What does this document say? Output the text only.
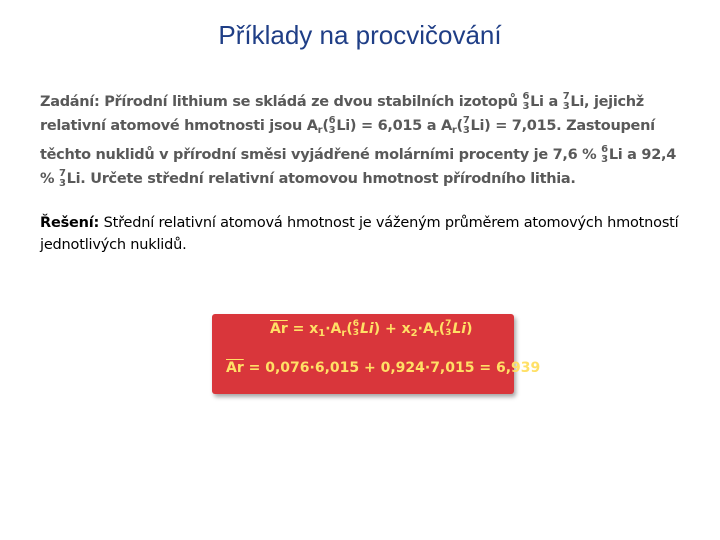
Příklady na procvičování
Zadání: Přírodní lithium se skládá ze dvou stabilních izotopů 6
3 Li a 7
3 Li, jejichž relativní atomové hmotnosti jsou $A_r$( 6
3 Li) = 6,015 a $A_r$( 7
3 Li) = 7,015. Zastoupení těchto nuklidů v přírodní směsi vyjádřené molárními procenty je 7,6 % 6
3 Li a 92,4 % 7
3 Li. Určete střední relativní atomovou hmotnost přírodního lithia.
Řešení: Střední relativní atomová hmotnost je váženým průměrem atomových hmotností jednotlivých nuklidů.
$\overline{Ar} = x_1\cdot A_r$( 6
3 $Li) + x_2\cdot A_r$( 7
3 Li)
$\overline{Ar} = 0,076\cdot 6,015 + 0,924\cdot 7,015 = 6,939$
